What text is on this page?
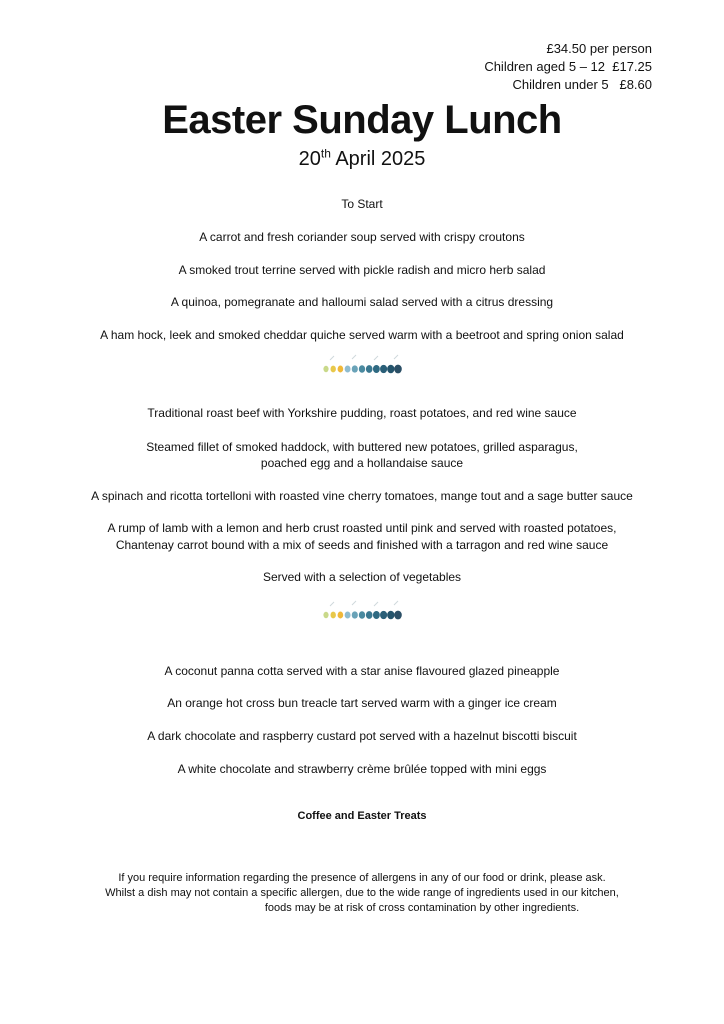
£34.50 per person
Children aged 5 – 12  £17.25
Children under 5   £8.60
Easter Sunday Lunch
20th April 2025

To Start

A carrot and fresh coriander soup served with crispy croutons

A smoked trout terrine served with pickle radish and micro herb salad

A quinoa, pomegranate and halloumi salad served with a citrus dressing

A ham hock, leek and smoked cheddar quiche served warm with a beetroot and spring onion salad

Traditional roast beef with Yorkshire pudding, roast potatoes, and red wine sauce

Steamed fillet of smoked haddock, with buttered new potatoes, grilled asparagus,

poached egg and a hollandaise sauce

A spinach and ricotta tortelloni with roasted vine cherry tomatoes, mange tout and a sage butter sauce

A rump of lamb with a lemon and herb crust roasted until pink and served with roasted potatoes,

Chantenay carrot bound with a mix of seeds and finished with a tarragon and red wine sauce

Served with a selection of vegetables

A coconut panna cotta served with a star anise flavoured glazed pineapple

An orange hot cross bun treacle tart served warm with a ginger ice cream

A dark chocolate and raspberry custard pot served with a hazelnut biscotti biscuit

A white chocolate and strawberry crème brûlée topped with mini eggs

Coffee and Easter Treats

If you require information regarding the presence of allergens in any of our food or drink, please ask.

Whilst a dish may not contain a specific allergen, due to the wide range of ingredients used in our kitchen,

foods may be at risk of cross contamination by other ingredients.
